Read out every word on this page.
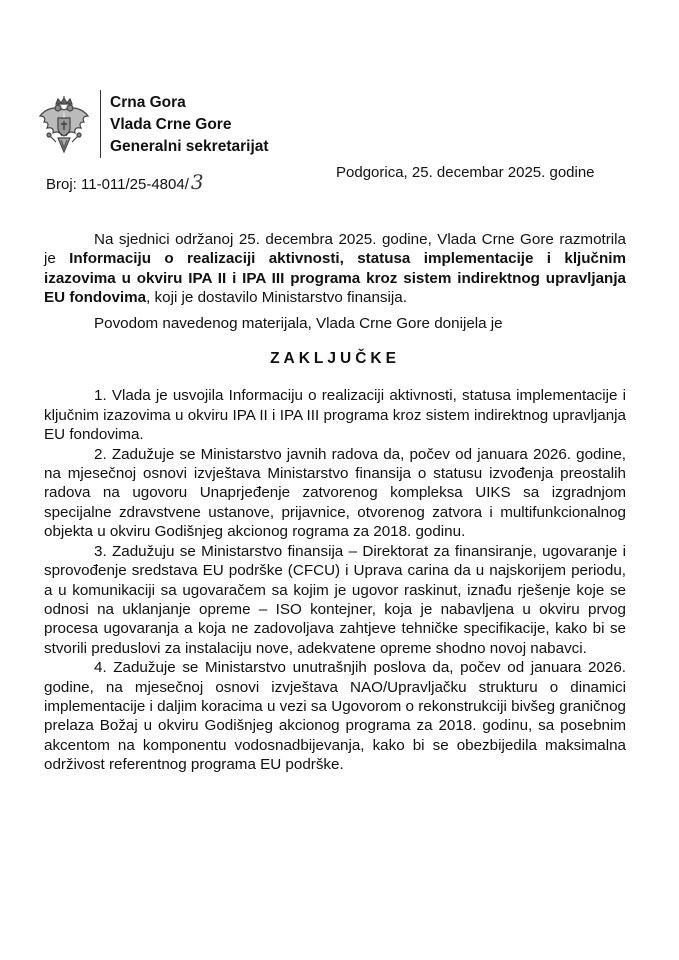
Crna Gora
Vlada Crne Gore
Generalni sekretarijat
Broj: 11-011/25-4804/ 3	Podgorica, 25. decembar 2025. godine

Na sjednici održanoj 25. decembra 2025. godine, Vlada Crne Gore razmotrila je Informaciju o realizaciji aktivnosti, statusa implementacije i ključnim izazovima u okviru IPA II i IPA III programa kroz sistem indirektnog upravljanja EU fondovima, koji je dostavilo Ministarstvo finansija.

Povodom navedenog materijala, Vlada Crne Gore donijela je

ZAKLJUČKE

1. Vlada je usvojila Informaciju o realizaciji aktivnosti, statusa implementacije i ključnim izazovima u okviru IPA II i IPA III programa kroz sistem indirektnog upravljanja EU fondovima.

2. Zadužuje se Ministarstvo javnih radova da, počev od januara 2026. godine, na mjesečnoj osnovi izvještava Ministarstvo finansija o statusu izvođenja preostalih radova na ugovoru Unaprjeđenje zatvorenog kompleksa UIKS sa izgradnjom specijalne zdravstvene ustanove, prijavnice, otvorenog zatvora i multifunkcionalnog objekta u okviru Godišnjeg akcionog rograma za 2018. godinu.

3. Zadužuju se Ministarstvo finansija – Direktorat za finansiranje, ugovaranje i sprovođenje sredstava EU podrške (CFCU) i Uprava carina da u najskorijem periodu, a u komunikaciji sa ugovaračem sa kojim je ugovor raskinut, iznađu rješenje koje se odnosi na uklanjanje opreme – ISO kontejner, koja je nabavljena u okviru prvog procesa ugovaranja a koja ne zadovoljava zahtjeve tehničke specifikacije, kako bi se stvorili preduslovi za instalaciju nove, adekvatene opreme shodno novoj nabavci.

4. Zadužuje se Ministarstvo unutrašnjih poslova da, počev od januara 2026. godine, na mjesečnoj osnovi izvještava NAO/Upravljačku strukturu o dinamici implementacije i daljim koracima u vezi sa Ugovorom o rekonstrukciji bivšeg graničnog prelaza Božaj u okviru Godišnjeg akcionog programa za 2018. godinu, sa posebnim akcentom na komponentu vodosnadbijevanja, kako bi se obezbijedila maksimalna održivost referentnog programa EU podrške.
